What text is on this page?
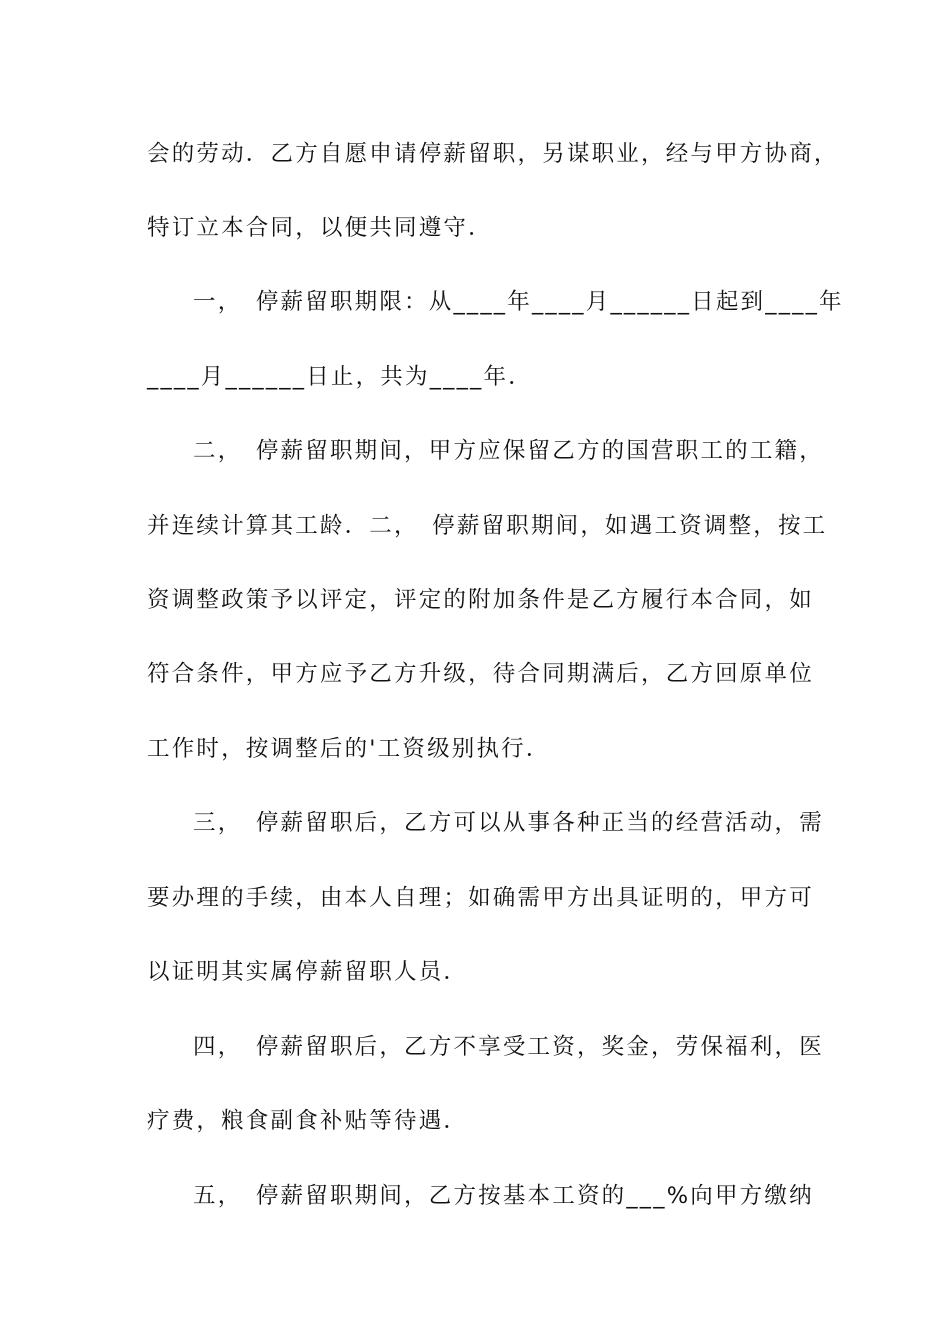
会的劳动．乙方自愿申请停薪留职，另谋职业，经与甲方协商，
特订立本合同，以便共同遵守．
一，　停薪留职期限：从____年____月______日起到____年
____月______日止，共为____年．
二，　停薪留职期间，甲方应保留乙方的国营职工的工籍，
并连续计算其工龄．二，　停薪留职期间，如遇工资调整，按工
资调整政策予以评定，评定的附加条件是乙方履行本合同，如
符合条件，甲方应予乙方升级，待合同期满后，乙方回原单位
工作时，按调整后的'工资级别执行．
三，　停薪留职后，乙方可以从事各种正当的经营活动，需
要办理的手续，由本人自理；如确需甲方出具证明的，甲方可
以证明其实属停薪留职人员．
四，　停薪留职后，乙方不享受工资，奖金，劳保福利，医
疗费，粮食副食补贴等待遇．
五，　停薪留职期间，乙方按基本工资的___%向甲方缴纳
